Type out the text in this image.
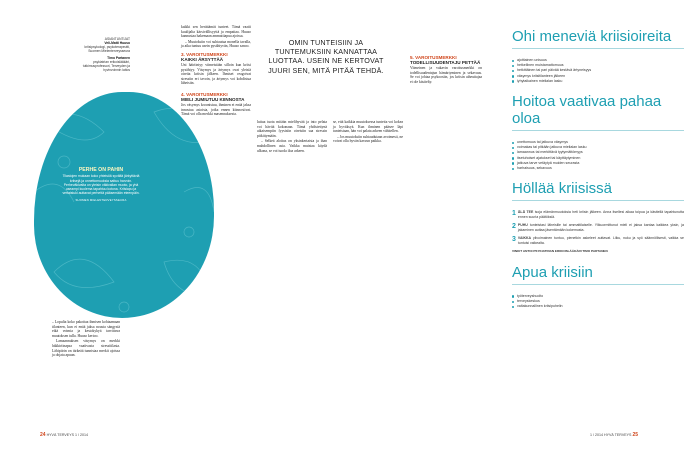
ASIANTUNTIJAT
Veli-Matti Huuso
kriisipsykologi, psykoterapeutti, Suomen Mielenterveysseura
Timo Partanen
psykiatrian erikoislääkäri, tutkimusprofessori, Terveyden ja hyvinvoinnin laitos
PERHE ON PAHIN
Tilastojen mukaan koko yhteisöä syvältä järkyttäviä kriisejä ja onnettomuuksia sattuu harvoin. Perheväkivalta on yleisin väkivallan muoto, ja yhä useampi kuolema tapahtuu kotona. Kriisiapu ja vertaistuki auttavat perhettä pääsemään eteenpäin.
SUOMEN MIELENTERVEYSSEURA

– Lopulta koko pakottaa ihmisen kohtaamaan tilanteen, kun ei enää jaksa nousta sängystä eikä voimia ja kestokykyä tarvittava muutoksen tulla. Huuso kertoo.

Lamaannuksen väsymys on merkki häkkiriinapsa vaativasta stressitilasta. Lähipiirin on tärkeää tunnistaa merkit ajoissa ja ohjata apuun.

kaikki sen herättämät tunteet. Tämä vaatii kuulijalta kärsivällisyyttä ja empatiaa. Huuso kannustaa hakemaan ammattiapua ajoissa.

– Muutoksiin voi suhtautua monella tavalla, ja aika tuntuu usein pysähtyvän, Huuso sanoo.

3. VAROITUSMERKKI
KAIKKI ÄRSYTTÄÄ

Uni häiriintyy viimeistään silloin kun kriisi pysähtyy. Väsymys ja ärtymys ovat yleisiä oireita kriisin jälkeen. Ihmiset reagoivat stressiin eri tavoin, ja ärtymys voi kohdistua läheisiin.

4. VAROITUSMERKKI
MIELI JUMIUTUU KIINNOSTA

Jos väsymys kroonistuu, ihminen ei enää jaksa innostua asioista, jotka ennen kiinnostivat. Tämä voi olla merkki masennuksesta.

OMIN TUNTEISIIN JA TUNTEMUKSIIN KANNATTAA LUOTTAA. USEIN NE KERTOVAT JUURI SEN, MITÄ PITÄÄ TEHDÄ.

luttua tuota mitään mielihyvää ja into pelata voi hävitä kokonaan. Tämä yhdistettynä aikaisempiin fyysisiin oireisiin saa stressin pitkittymään.

– Selkeä aloitus on yksinkertaista ja ihan mahdollinen asia. Vaikka muistaa käydä ulkona, se voi tuoda iloa arkeen.

se, että kaikkia muutoksessa tunteita voi kokea ja hyväksyä. Kun ihminen pääsee läpi tunteistaan, hän voi palata arkeen vähitellen.

– Jos muutoksiin suhtaudutaan avoimesti, ne voivat olla hyvän kasvun paikka.

5. VAROITUSMERKKI
TODELLISUUDENTAJU PETTÄÄ

Viimeinen ja vakavin varoitusmerkki on todellisuudentajun hämärtyminen ja sekavuus. Se voi johtaa psykoosiin, jos kriisin aiheuttajaa ei ole käsitelty.

24 HYVÄ TERVEYS 1 / 2014
Ohi meneviä kriisioireita
ajoittainen unisuus
hetkellinen muistamattomuus
hetkittäinen tai pari päivää kestävä ärtyneisyys
väsymys kriisitilanteen jälkeen
lyhytaikainen mielialan lasku
Hoitoa vaativaa pahaa oloa
unettomuus tai jatkuva väsymys
voimakas tai pitkään jatkuva mielialan lasku
lamaannus tai merkittävä tyytymättömyys
itsetuhoiset ajatukset tai käyttäytyminen
jatkuva tarve vetäytyä muiden seurasta
harhaisuus, sekavuus
Höllää kriisissä
1 ÄLÄ TEE isoja elämänmuutoksia heti kriisin jälkeen. Anna itsellesi aikaa toipua ja käsitellä tapahtunutta ennen suuria päätöksiä.
2 PUHU tunteistasi läheisille tai ammattilaiselle. Ylikuormittunut mieli ei jaksa kantaa kaikkea yksin, ja jakaminen auttaa jäsentämään kokemusta.
3 VAIKKA ylivoimainen tuntuu, pienetkin askeleet auttavat. Liiku, nuku ja syö säännöllisesti, vaikka se tuntuisi vaikealta.
VINKIT ANTOI PSYKIATRIAN ERIKOISLÄÄKÄRI TIMO PARTANEN
Apua kriisiin
työterveyshuolto
terveyskeskus
valtakunnallinen kriisipuhelin
1 / 2014 HYVÄ TERVEYS 25
